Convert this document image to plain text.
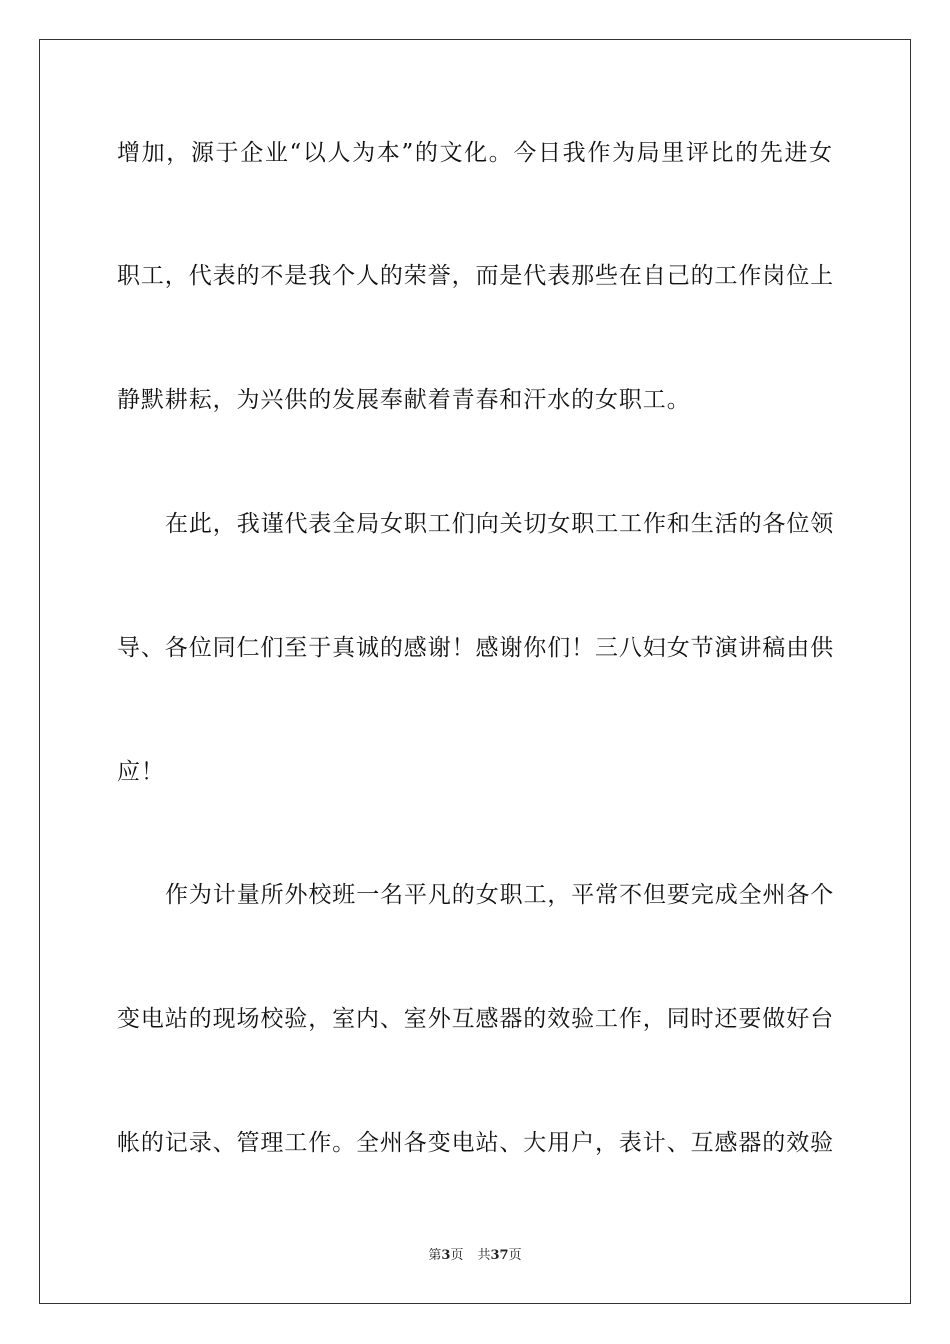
增加，源于企业“以人为本”的文化。今日我作为局里评比的先进女
职工，代表的不是我个人的荣誉，而是代表那些在自己的工作岗位上
静默耕耘，为兴供的发展奉献着青春和汗水的女职工。
在此，我谨代表全局女职工们向关切女职工工作和生活的各位领
导、各位同仁们至于真诚的感谢！感谢你们！三八妇女节演讲稿由供
应！
作为计量所外校班一名平凡的女职工，平常不但要完成全州各个
变电站的现场校验，室内、室外互感器的效验工作，同时还要做好台
帐的记录、管理工作。全州各变电站、大用户，表计、互感器的效验
第3页 共37页
